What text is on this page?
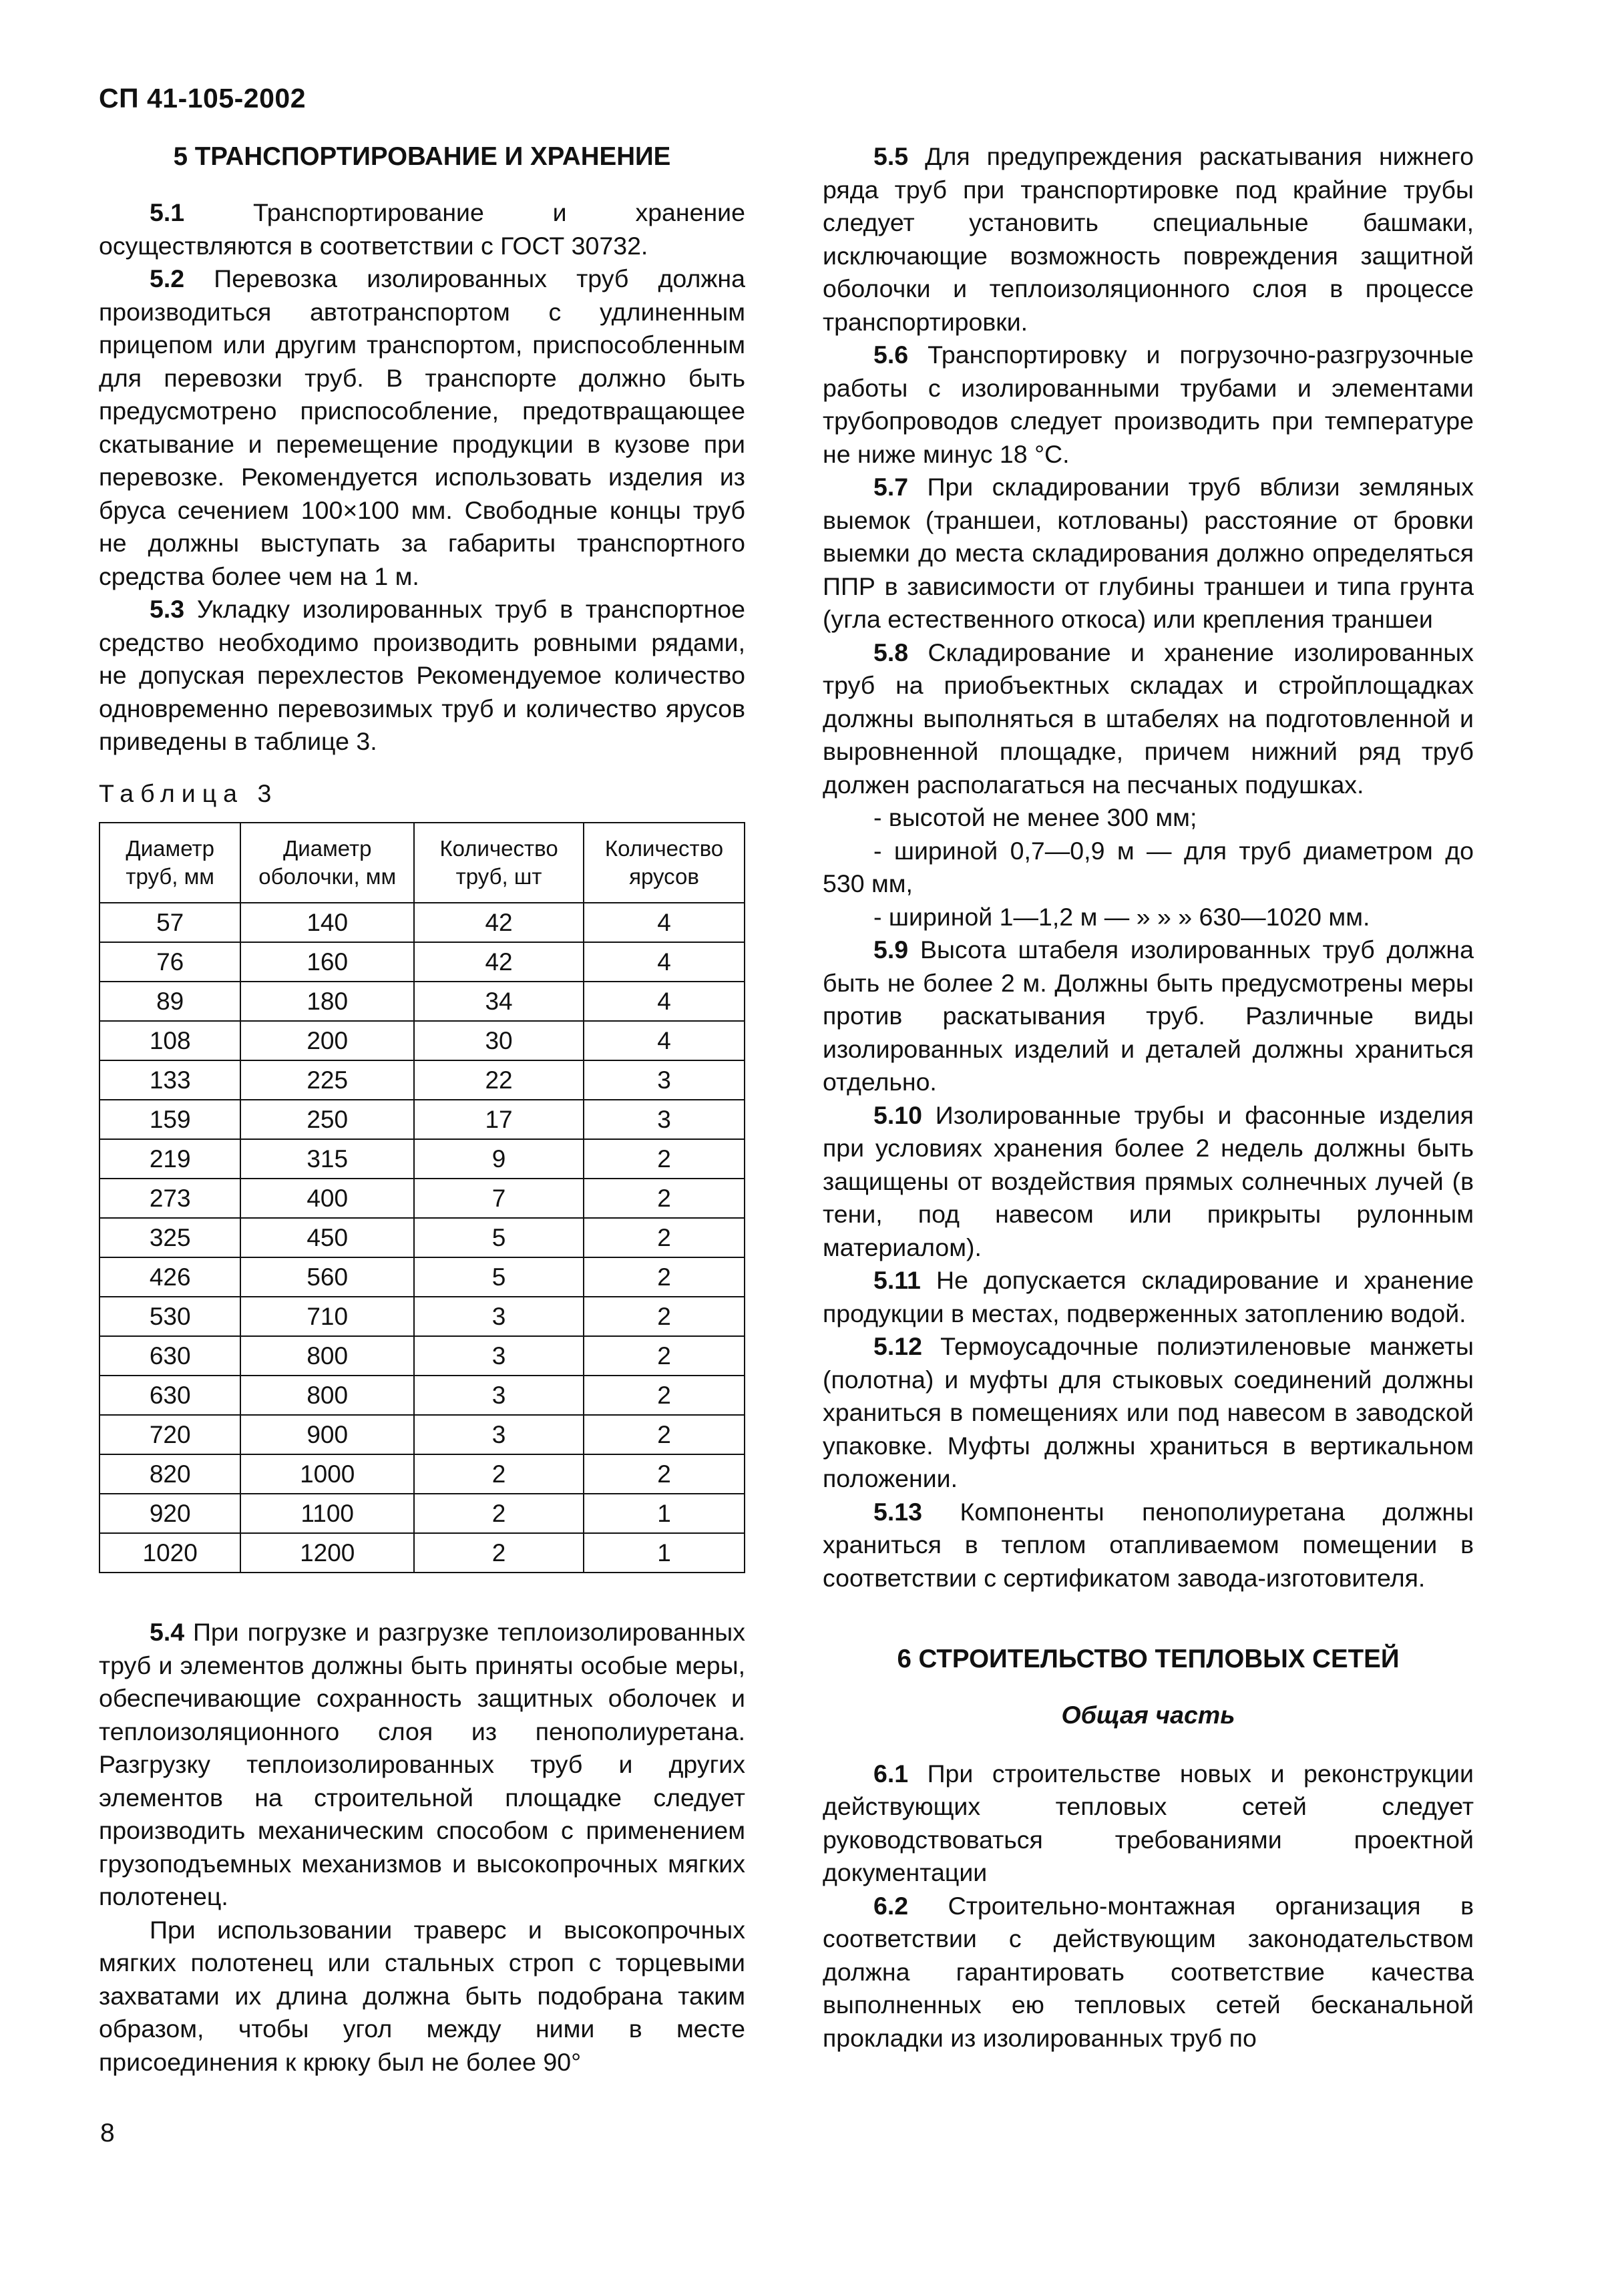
СП 41-105-2002
5 ТРАНСПОРТИРОВАНИЕ И ХРАНЕНИЕ

5.1 Транспортирование и хранение осуществляются в соответствии с ГОСТ 30732.

5.2 Перевозка изолированных труб должна производиться автотранспортом с удлиненным прицепом или другим транспортом, приспособленным для перевозки труб. В транспорте должно быть предусмотрено приспособление, предотвращающее скатывание и перемещение продукции в кузове при перевозке. Рекомендуется использовать изделия из бруса сечением 100×100 мм. Свободные концы труб не должны выступать за габариты транспортного средства более чем на 1 м.

5.3 Укладку изолированных труб в транспортное средство необходимо производить ровными рядами, не допуская перехлестов Рекомендуемое количество одновременно перевозимых труб и количество ярусов приведены в таблице 3.

Таблица 3
Диаметр труб, мм	Диаметр оболочки, мм	Количество труб, шт	Количество ярусов
57	140	42	4
76	160	42	4
89	180	34	4
108	200	30	4
133	225	22	3
159	250	17	3
219	315	9	2
273	400	7	2
325	450	5	2
426	560	5	2
530	710	3	2
630	800	3	2
630	800	3	2
720	900	3	2
820	1000	2	2
920	1100	2	1
1020	1200	2	1

5.4 При погрузке и разгрузке теплоизолированных труб и элементов должны быть приняты особые меры, обеспечивающие сохранность защитных оболочек и теплоизоляционного слоя из пенополиуретана. Разгрузку теплоизолированных труб и других элементов на строительной площадке следует производить механическим способом с применением грузоподъемных механизмов и высокопрочных мягких полотенец.

При использовании траверс и высокопрочных мягких полотенец или стальных строп с торцевыми захватами их длина должна быть подобрана таким образом, чтобы угол между ними в месте присоединения к крюку был не более 90°

5.5 Для предупреждения раскатывания нижнего ряда труб при транспортировке под крайние трубы следует установить специальные башмаки, исключающие возможность повреждения защитной оболочки и теплоизоляционного слоя в процессе транспортировки.

5.6 Транспортировку и погрузочно-разгрузочные работы с изолированными трубами и элементами трубопроводов следует производить при температуре не ниже минус 18 °С.

5.7 При складировании труб вблизи земляных выемок (траншеи, котлованы) расстояние от бровки выемки до места складирования должно определяться ППР в зависимости от глубины траншеи и типа грунта (угла естественного откоса) или крепления траншеи

5.8 Складирование и хранение изолированных труб на приобъектных складах и стройплощадках должны выполняться в штабелях на подготовленной и выровненной площадке, причем нижний ряд труб должен располагаться на песчаных подушках.

- высотой не менее 300 мм;

- шириной 0,7—0,9 м — для труб диаметром до 530 мм,

- шириной 1—1,2 м — » » » 630—1020 мм.

5.9 Высота штабеля изолированных труб должна быть не более 2 м. Должны быть предусмотрены меры против раскатывания труб. Различные виды изолированных изделий и деталей должны храниться отдельно.

5.10 Изолированные трубы и фасонные изделия при условиях хранения более 2 недель должны быть защищены от воздействия прямых солнечных лучей (в тени, под навесом или прикрыты рулонным материалом).

5.11 Не допускается складирование и хранение продукции в местах, подверженных затоплению водой.

5.12 Термоусадочные полиэтиленовые манжеты (полотна) и муфты для стыковых соединений должны храниться в помещениях или под навесом в заводской упаковке. Муфты должны храниться в вертикальном положении.

5.13 Компоненты пенополиуретана должны храниться в теплом отапливаемом помещении в соответствии с сертификатом завода-изготовителя.

6 СТРОИТЕЛЬСТВО ТЕПЛОВЫХ СЕТЕЙ
Общая часть

6.1 При строительстве новых и реконструкции действующих тепловых сетей следует руководствоваться требованиями проектной документации

6.2 Строительно-монтажная организация в соответствии с действующим законодательством должна гарантировать соответствие качества выполненных ею тепловых сетей бесканальной прокладки из изолированных труб по

8
